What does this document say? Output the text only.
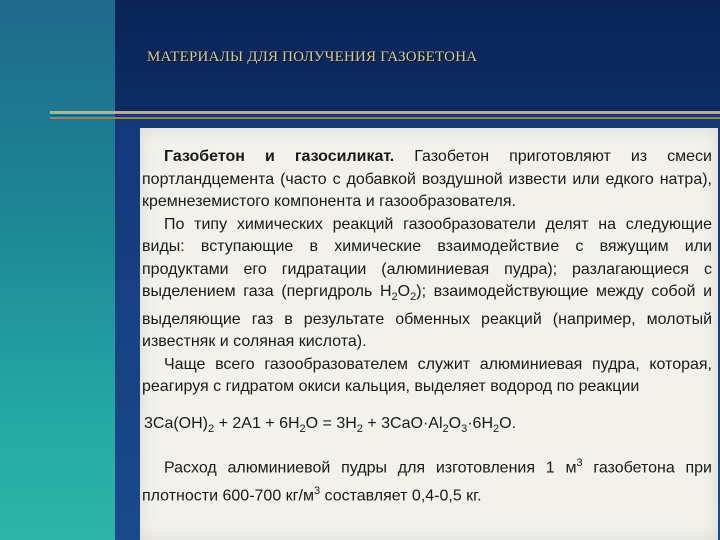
МАТЕРИАЛЫ ДЛЯ ПОЛУЧЕНИЯ ГАЗОБЕТОНА

Газобетон и газосиликат. Газобетон приготовляют из смеси портландцемента (часто с добавкой воздушной извести или едкого натра), кремнеземистого компонента и газообразователя.

По типу химических реакций газообразователи делят на следующие виды: вступающие в химические взаимодействие с вяжущим или продуктами его гидратации (алюминиевая пудра); разлагающиеся с выделением газа (пергидроль $H_2O_2$); взаимодействующие между собой и выделяющие газ в результате обменных реакций (например, молотый известняк и соляная кислота).

Чаще всего газообразователем служит алюминиевая пудра, которая, реагируя с гидратом окиси кальция, выделяет водород по реакции

$3Ca(OH)_2 + 2A1 + 6H_2O = 3H_2 + 3CaO\cdot Al_2O_3\cdot 6H_2O$.

Расход алюминиевой пудры для изготовления 1 $м^3$ газобетона при плотности 600-700 $кг/м^3$ составляет 0,4-0,5 кг.
